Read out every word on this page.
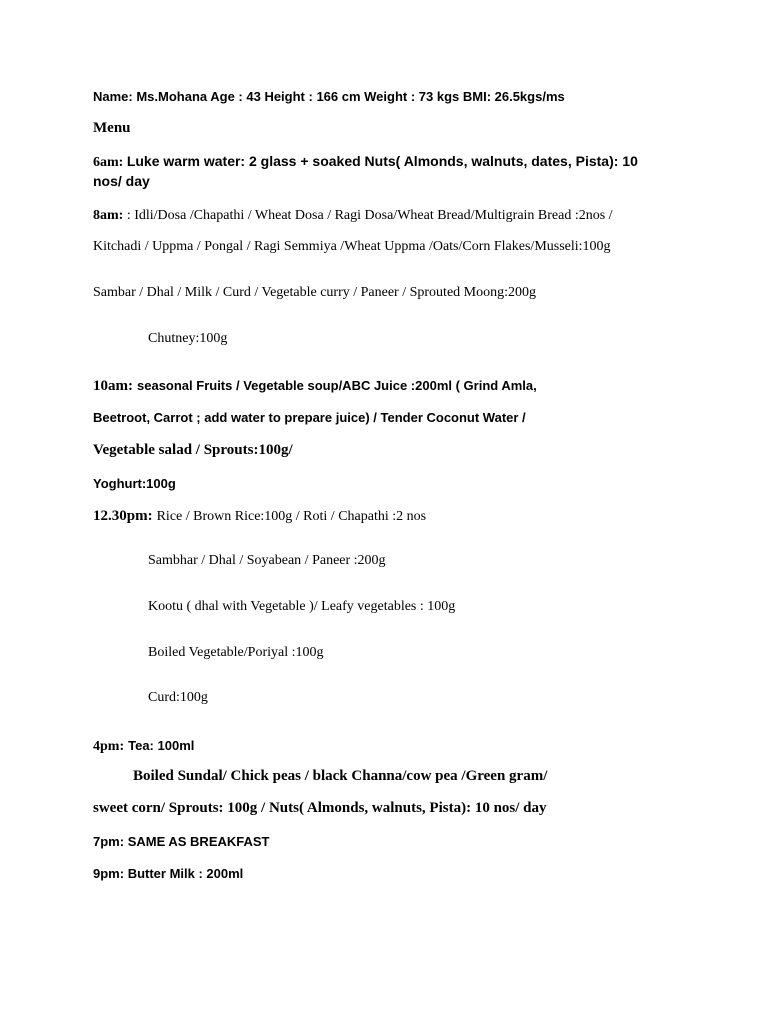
Name: Ms.Mohana Age : 43 Height : 166 cm Weight : 73 kgs BMI: 26.5kgs/ms
Menu
6am: Luke warm water: 2 glass + soaked Nuts( Almonds, walnuts, dates, Pista): 10
nos/ day
8am: : Idli/Dosa /Chapathi / Wheat Dosa / Ragi Dosa/Wheat Bread/Multigrain Bread :2nos /
Kitchadi / Uppma / Pongal / Ragi Semmiya /Wheat Uppma /Oats/Corn Flakes/Musseli:100g
Sambar / Dhal / Milk / Curd / Vegetable curry / Paneer / Sprouted Moong:200g
Chutney:100g
10am: seasonal Fruits / Vegetable soup/ABC Juice :200ml ( Grind Amla,
Beetroot, Carrot ; add water to prepare juice) / Tender Coconut Water /
Vegetable salad / Sprouts:100g/
Yoghurt:100g
12.30pm: Rice / Brown Rice:100g / Roti / Chapathi :2 nos
Sambhar / Dhal / Soyabean / Paneer :200g
Kootu ( dhal with Vegetable )/ Leafy vegetables : 100g
Boiled Vegetable/Poriyal :100g
Curd:100g
4pm: Tea: 100ml
Boiled Sundal/ Chick peas / black Channa/cow pea /Green gram/
sweet corn/ Sprouts: 100g / Nuts( Almonds, walnuts, Pista): 10 nos/ day
7pm: SAME AS BREAKFAST
9pm: Butter Milk : 200ml
